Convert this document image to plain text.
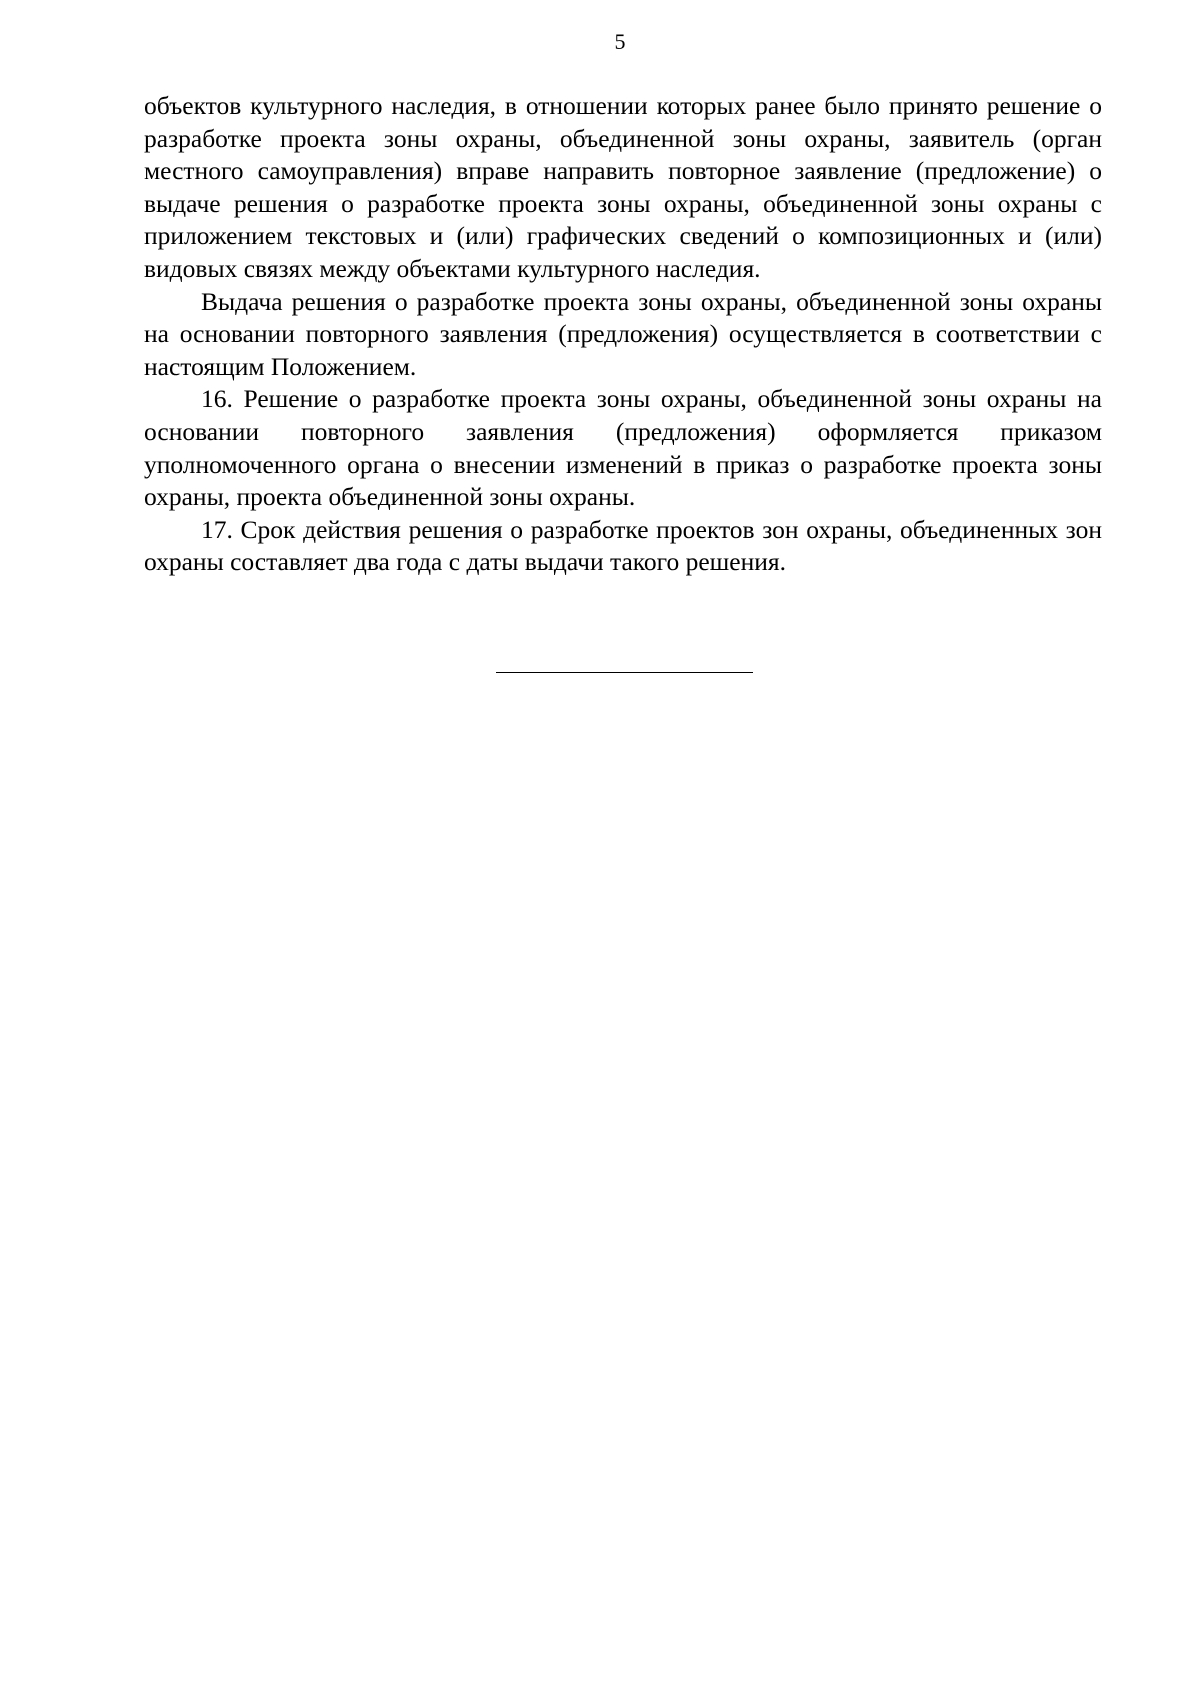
5

объектов культурного наследия, в отношении которых ранее было принято решение о разработке проекта зоны охраны, объединенной зоны охраны, заявитель (орган местного самоуправления) вправе направить повторное заявление (предложение) о выдаче решения о разработке проекта зоны охраны, объединенной зоны охраны с приложением текстовых и (или) графических сведений о композиционных и (или) видовых связях между объектами культурного наследия.

Выдача решения о разработке проекта зоны охраны, объединенной зоны охраны на основании повторного заявления (предложения) осуществляется в соответствии с настоящим Положением.

16. Решение о разработке проекта зоны охраны, объединенной зоны охраны на основании повторного заявления (предложения) оформляется приказом уполномоченного органа о внесении изменений в приказ о разработке проекта зоны охраны, проекта объединенной зоны охраны.

17. Срок действия решения о разработке проектов зон охраны, объединенных зон охраны составляет два года с даты выдачи такого решения.
